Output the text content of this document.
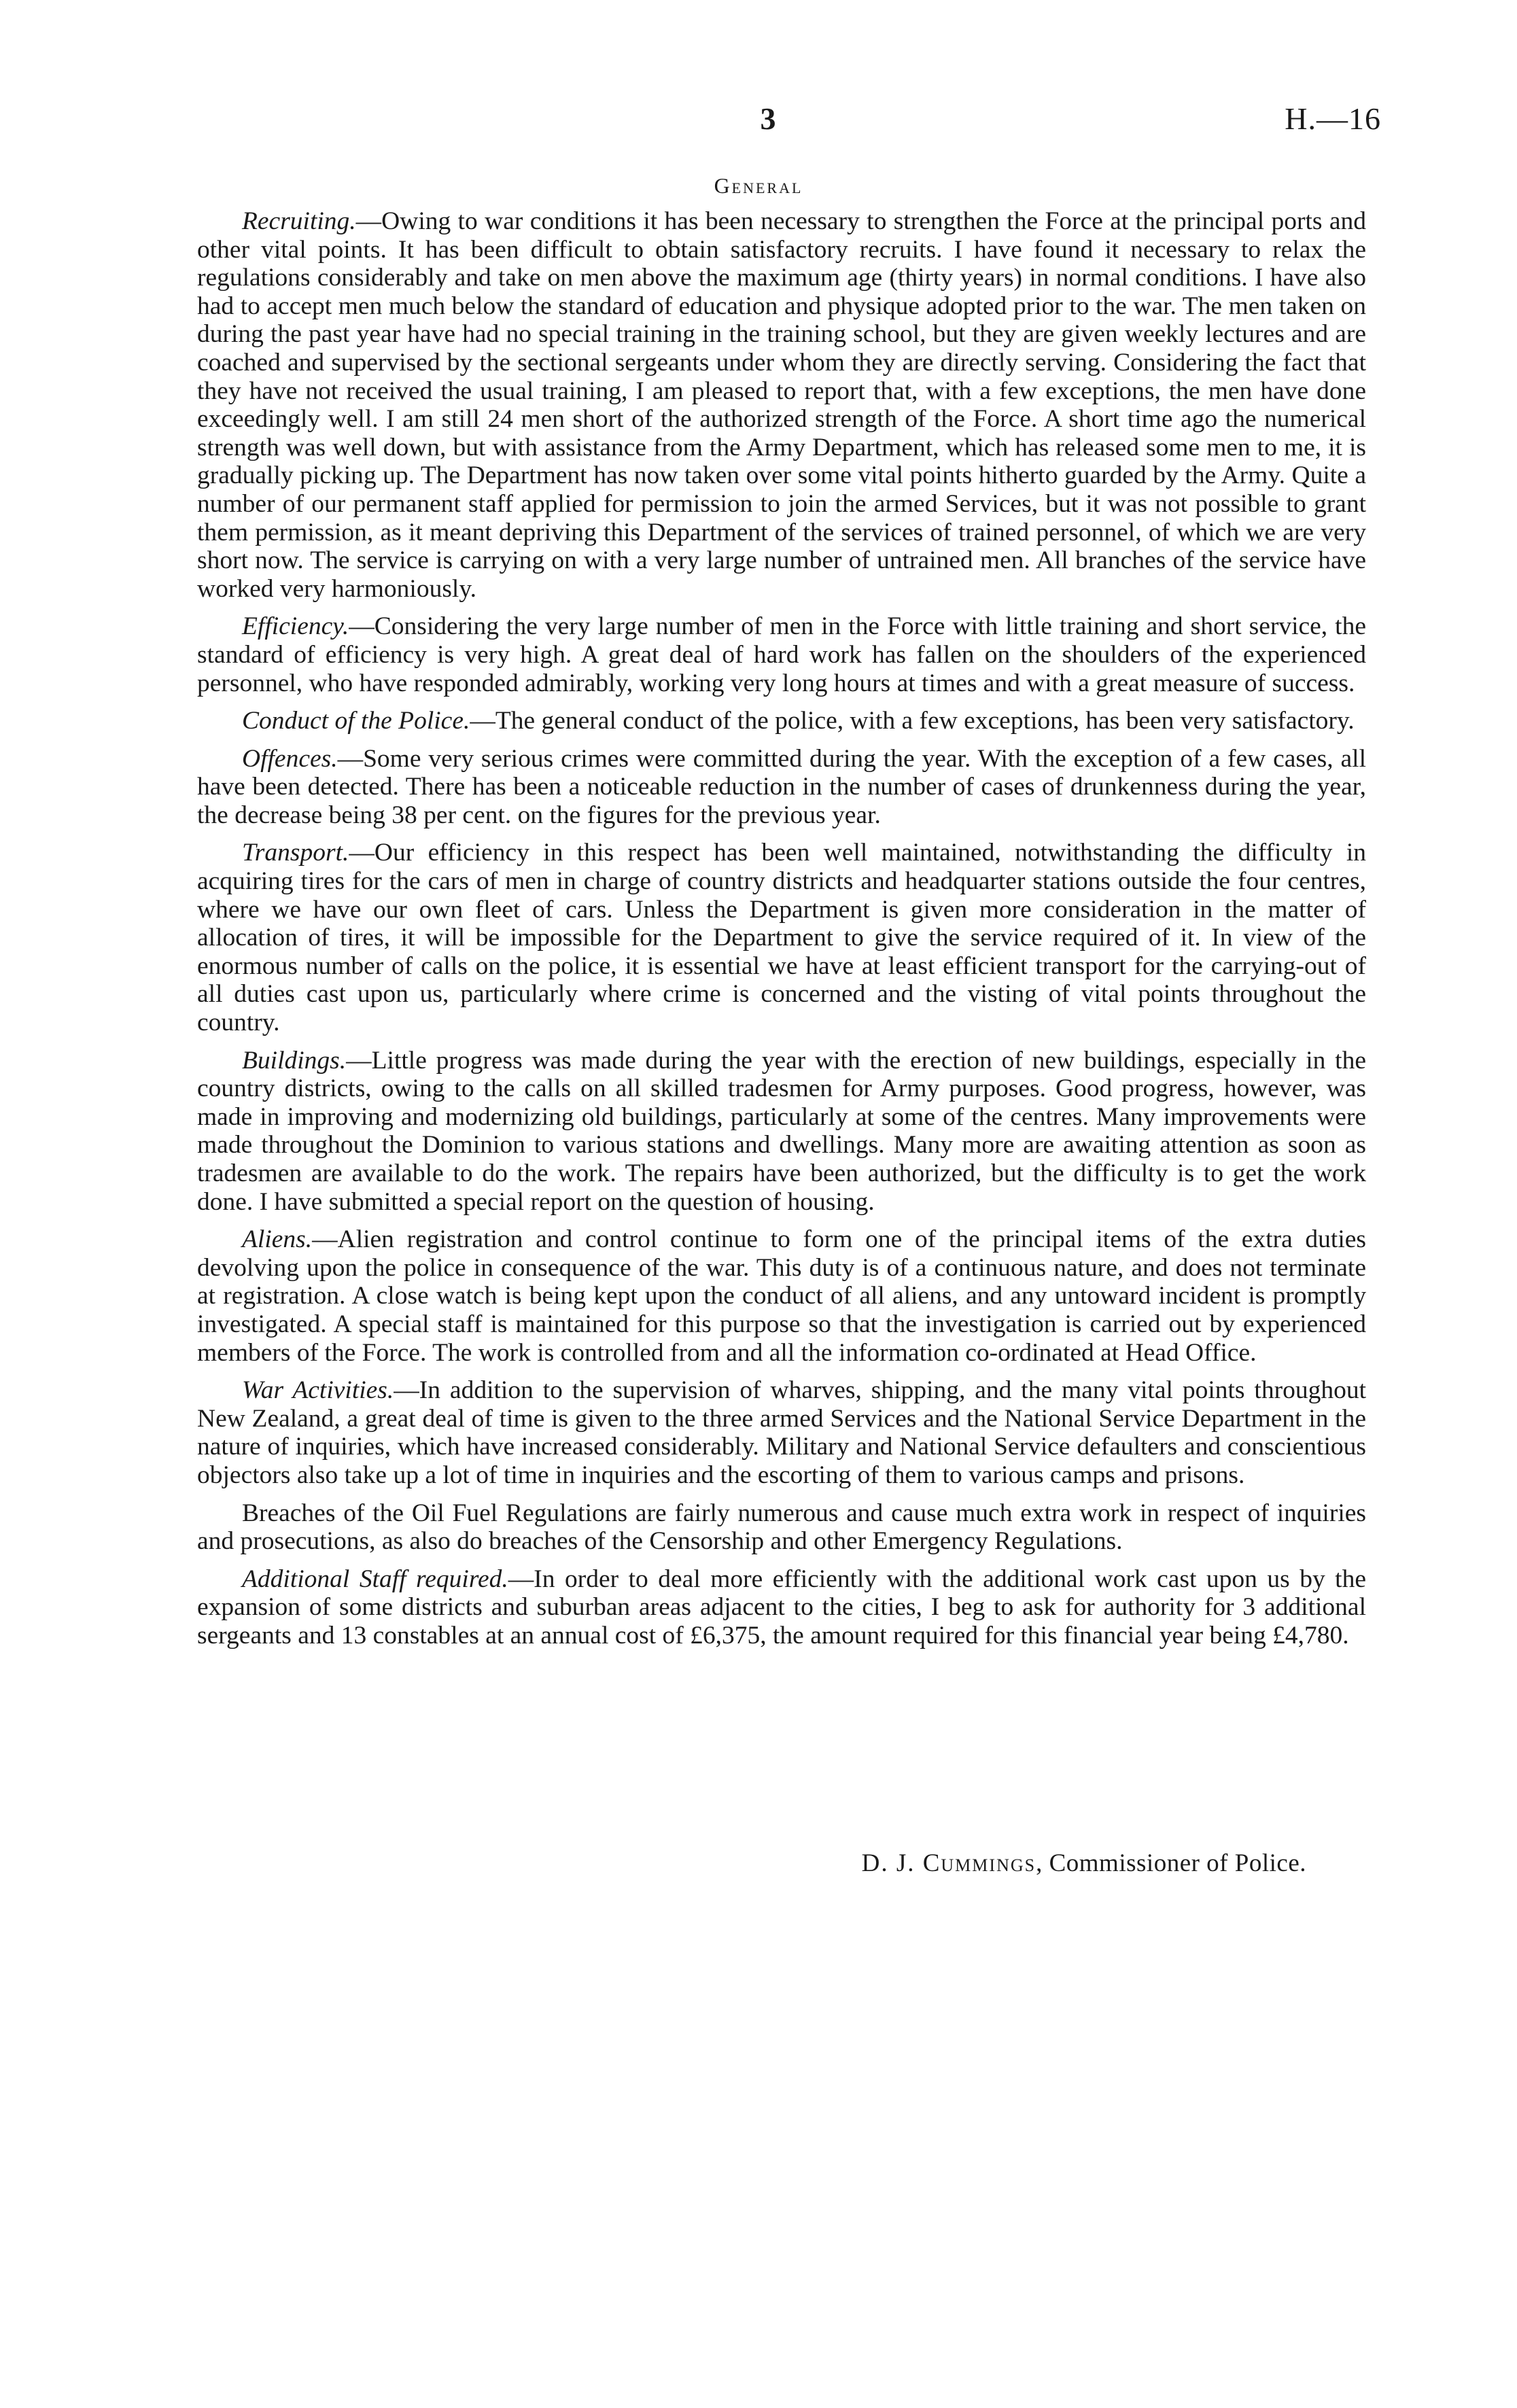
3	H.—16
General

Recruiting.—Owing to war conditions it has been necessary to strengthen the Force at the principal ports and other vital points. It has been difficult to obtain satisfactory recruits. I have found it necessary to relax the regulations considerably and take on men above the maximum age (thirty years) in normal conditions. I have also had to accept men much below the standard of education and physique adopted prior to the war. The men taken on during the past year have had no special training in the training school, but they are given weekly lectures and are coached and supervised by the sectional sergeants under whom they are directly serving. Considering the fact that they have not received the usual training, I am pleased to report that, with a few exceptions, the men have done exceedingly well. I am still 24 men short of the authorized strength of the Force. A short time ago the numerical strength was well down, but with assistance from the Army Department, which has released some men to me, it is gradually picking up. The Department has now taken over some vital points hitherto guarded by the Army. Quite a number of our permanent staff applied for permission to join the armed Services, but it was not possible to grant them permission, as it meant depriving this Department of the services of trained personnel, of which we are very short now. The service is carrying on with a very large number of untrained men. All branches of the service have worked very harmoniously.

Efficiency.—Considering the very large number of men in the Force with little training and short service, the standard of efficiency is very high. A great deal of hard work has fallen on the shoulders of the experienced personnel, who have responded admirably, working very long hours at times and with a great measure of success.

Conduct of the Police.—The general conduct of the police, with a few exceptions, has been very satisfactory.

Offences.—Some very serious crimes were committed during the year. With the exception of a few cases, all have been detected. There has been a noticeable reduction in the number of cases of drunkenness during the year, the decrease being 38 per cent. on the figures for the previous year.

Transport.—Our efficiency in this respect has been well maintained, notwithstanding the difficulty in acquiring tires for the cars of men in charge of country districts and headquarter stations outside the four centres, where we have our own fleet of cars. Unless the Department is given more consideration in the matter of allocation of tires, it will be impossible for the Department to give the service required of it. In view of the enormous number of calls on the police, it is essential we have at least efficient transport for the carrying-out of all duties cast upon us, particularly where crime is concerned and the visting of vital points throughout the country.

Buildings.—Little progress was made during the year with the erection of new buildings, especially in the country districts, owing to the calls on all skilled tradesmen for Army purposes. Good progress, however, was made in improving and modernizing old buildings, particularly at some of the centres. Many improvements were made throughout the Dominion to various stations and dwellings. Many more are awaiting attention as soon as tradesmen are available to do the work. The repairs have been authorized, but the difficulty is to get the work done. I have submitted a special report on the question of housing.

Aliens.—Alien registration and control continue to form one of the principal items of the extra duties devolving upon the police in consequence of the war. This duty is of a continuous nature, and does not terminate at registration. A close watch is being kept upon the conduct of all aliens, and any untoward incident is promptly investigated. A special staff is maintained for this purpose so that the investigation is carried out by experienced members of the Force. The work is controlled from and all the information co-ordinated at Head Office.

War Activities.—In addition to the supervision of wharves, shipping, and the many vital points throughout New Zealand, a great deal of time is given to the three armed Services and the National Service Department in the nature of inquiries, which have increased considerably. Military and National Service defaulters and conscientious objectors also take up a lot of time in inquiries and the escorting of them to various camps and prisons.

Breaches of the Oil Fuel Regulations are fairly numerous and cause much extra work in respect of inquiries and prosecutions, as also do breaches of the Censorship and other Emergency Regulations.

Additional Staff required.—In order to deal more efficiently with the additional work cast upon us by the expansion of some districts and suburban areas adjacent to the cities, I beg to ask for authority for 3 additional sergeants and 13 constables at an annual cost of £6,375, the amount required for this financial year being £4,780.

D. J. Cummings, Commissioner of Police.
